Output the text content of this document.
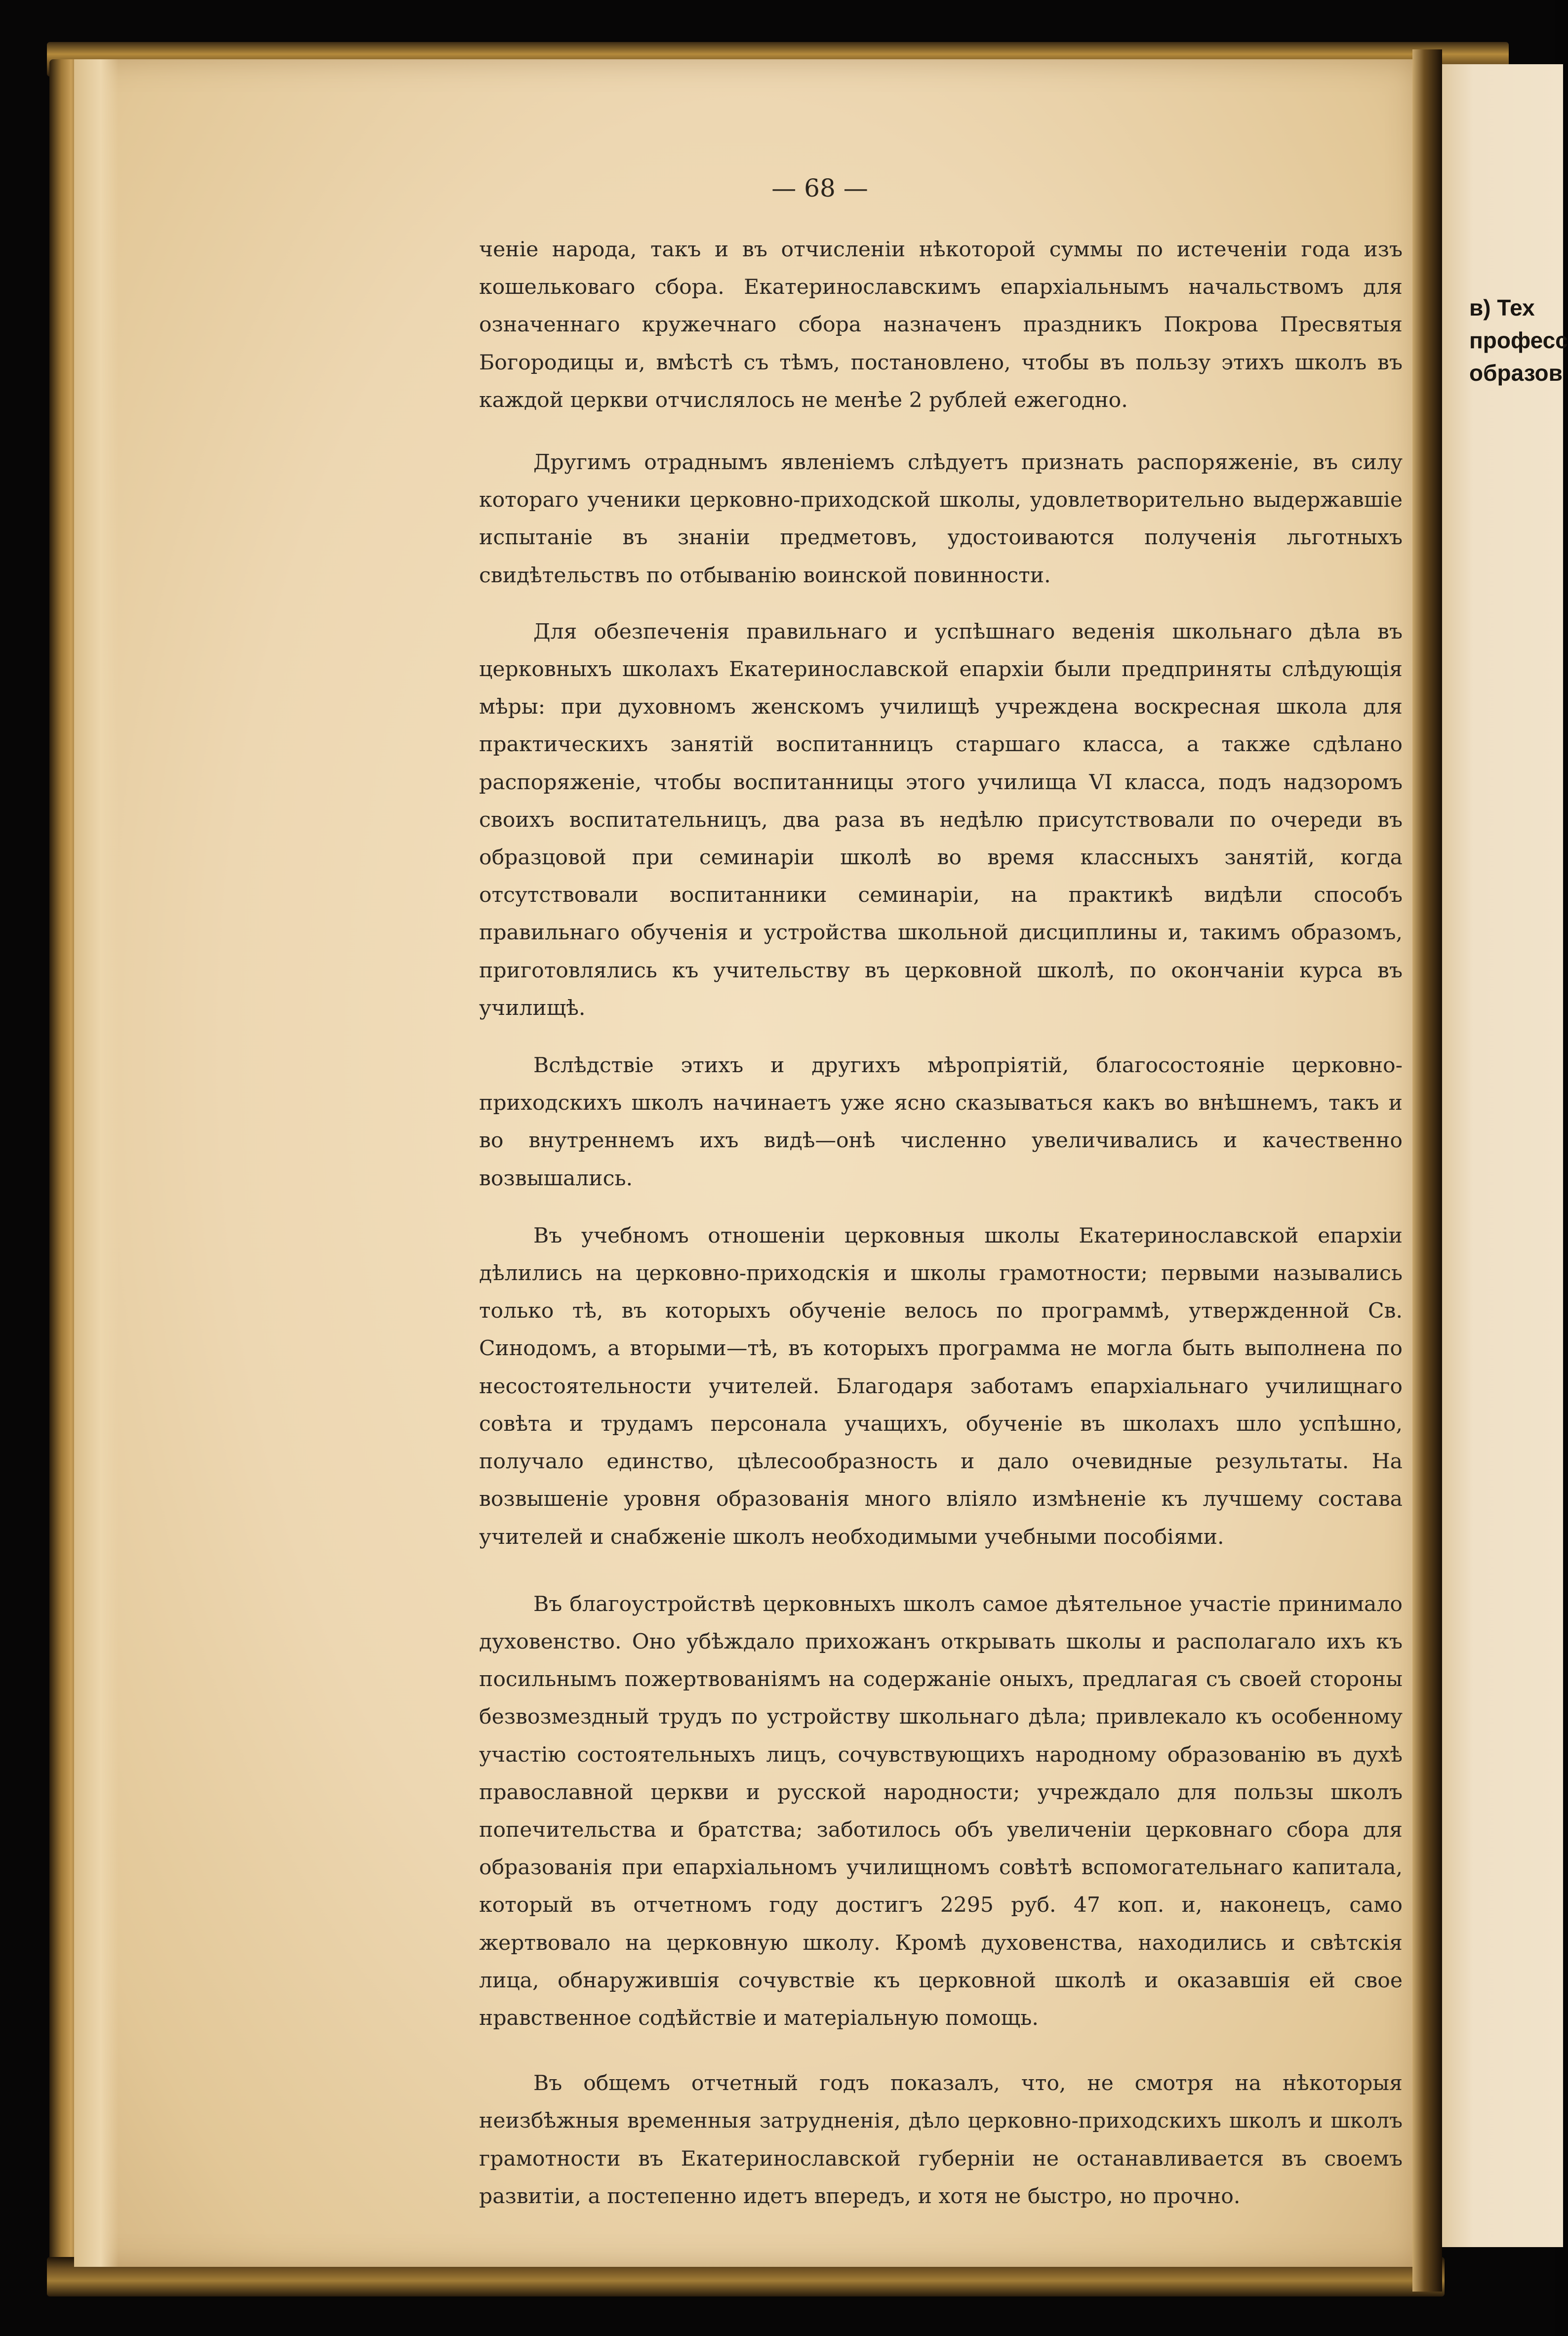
в) Тех
професс
образов
— 68 —

ченіе народа, такъ и въ отчисленіи нѣкоторой суммы по истеченіи года изъ кошельковаго сбора. Екатеринославскимъ епархіальнымъ начальствомъ для означеннаго кружечнаго сбора назначенъ праздникъ Покрова Пресвятыя Богородицы и, вмѣстѣ съ тѣмъ, постановлено, чтобы въ пользу этихъ школъ въ каждой церкви отчислялось не менѣе 2 рублей ежегодно.

Другимъ отраднымъ явленіемъ слѣдуетъ признать распоряженіе, въ силу котораго ученики церковно-приходской школы, удовлетворительно выдержавшіе испытаніе въ знаніи предметовъ, удостоиваются полученія льготныхъ свидѣтельствъ по отбыванію воинской повинности.

Для обезпеченія правильнаго и успѣшнаго веденія школьнаго дѣла въ церковныхъ школахъ Екатеринославской епархіи были предприняты слѣдующія мѣры: при духовномъ женскомъ училищѣ учреждена воскресная школа для практическихъ занятій воспитанницъ старшаго класса, а также сдѣлано распоряженіе, чтобы воспитанницы этого училища VI класса, подъ надзоромъ своихъ воспитательницъ, два раза въ недѣлю присутствовали по очереди въ образцовой при семинаріи школѣ во время классныхъ занятій, когда отсутствовали воспитанники семинаріи, на практикѣ видѣли способъ правильнаго обученія и устройства школьной дисциплины и, такимъ образомъ, приготовлялись къ учительству въ церковной школѣ, по окончаніи курса въ училищѣ.

Вслѣдствіе этихъ и другихъ мѣропріятій, благосостояніе церковно-приходскихъ школъ начинаетъ уже ясно сказываться какъ во внѣшнемъ, такъ и во внутреннемъ ихъ видѣ—онѣ численно увеличивались и качественно возвышались.

Въ учебномъ отношеніи церковныя школы Екатеринославской епархіи дѣлились на церковно-приходскія и школы грамотности; первыми назывались только тѣ, въ которыхъ обученіе велось по программѣ, утвержденной Св. Синодомъ, а вторыми—тѣ, въ которыхъ программа не могла быть выполнена по несостоятельности учителей. Благодаря заботамъ епархіальнаго училищнаго совѣта и трудамъ персонала учащихъ, обученіе въ школахъ шло успѣшно, получало единство, цѣлесообразность и дало очевидные результаты. На возвышеніе уровня образованія много вліяло измѣненіе къ лучшему состава учителей и снабженіе школъ необходимыми учебными пособіями.

Въ благоустройствѣ церковныхъ школъ самое дѣятельное участіе принимало духовенство. Оно убѣждало прихожанъ открывать школы и располагало ихъ къ посильнымъ пожертвованіямъ на содержаніе оныхъ, предлагая съ своей стороны безвозмездный трудъ по устройству школьнаго дѣла; привлекало къ особенному участію состоятельныхъ лицъ, сочувствующихъ народному образованію въ духѣ православной церкви и русской народности; учреждало для пользы школъ попечительства и братства; заботилось объ увеличеніи церковнаго сбора для образованія при епархіальномъ училищномъ совѣтѣ вспомогательнаго капитала, который въ отчетномъ году достигъ 2295 руб. 47 коп. и, наконецъ, само жертвовало на церковную школу. Кромѣ духовенства, находились и свѣтскія лица, обнаружившія сочувствіе къ церковной школѣ и оказавшія ей свое нравственное содѣйствіе и матеріальную помощь.

Въ общемъ отчетный годъ показалъ, что, не смотря на нѣкоторыя неизбѣжныя временныя затрудненія, дѣло церковно-приходскихъ школъ и школъ грамотности въ Екатеринославской губерніи не останавливается въ своемъ развитіи, а постепенно идетъ впередъ, и хотя не быстро, но прочно.
